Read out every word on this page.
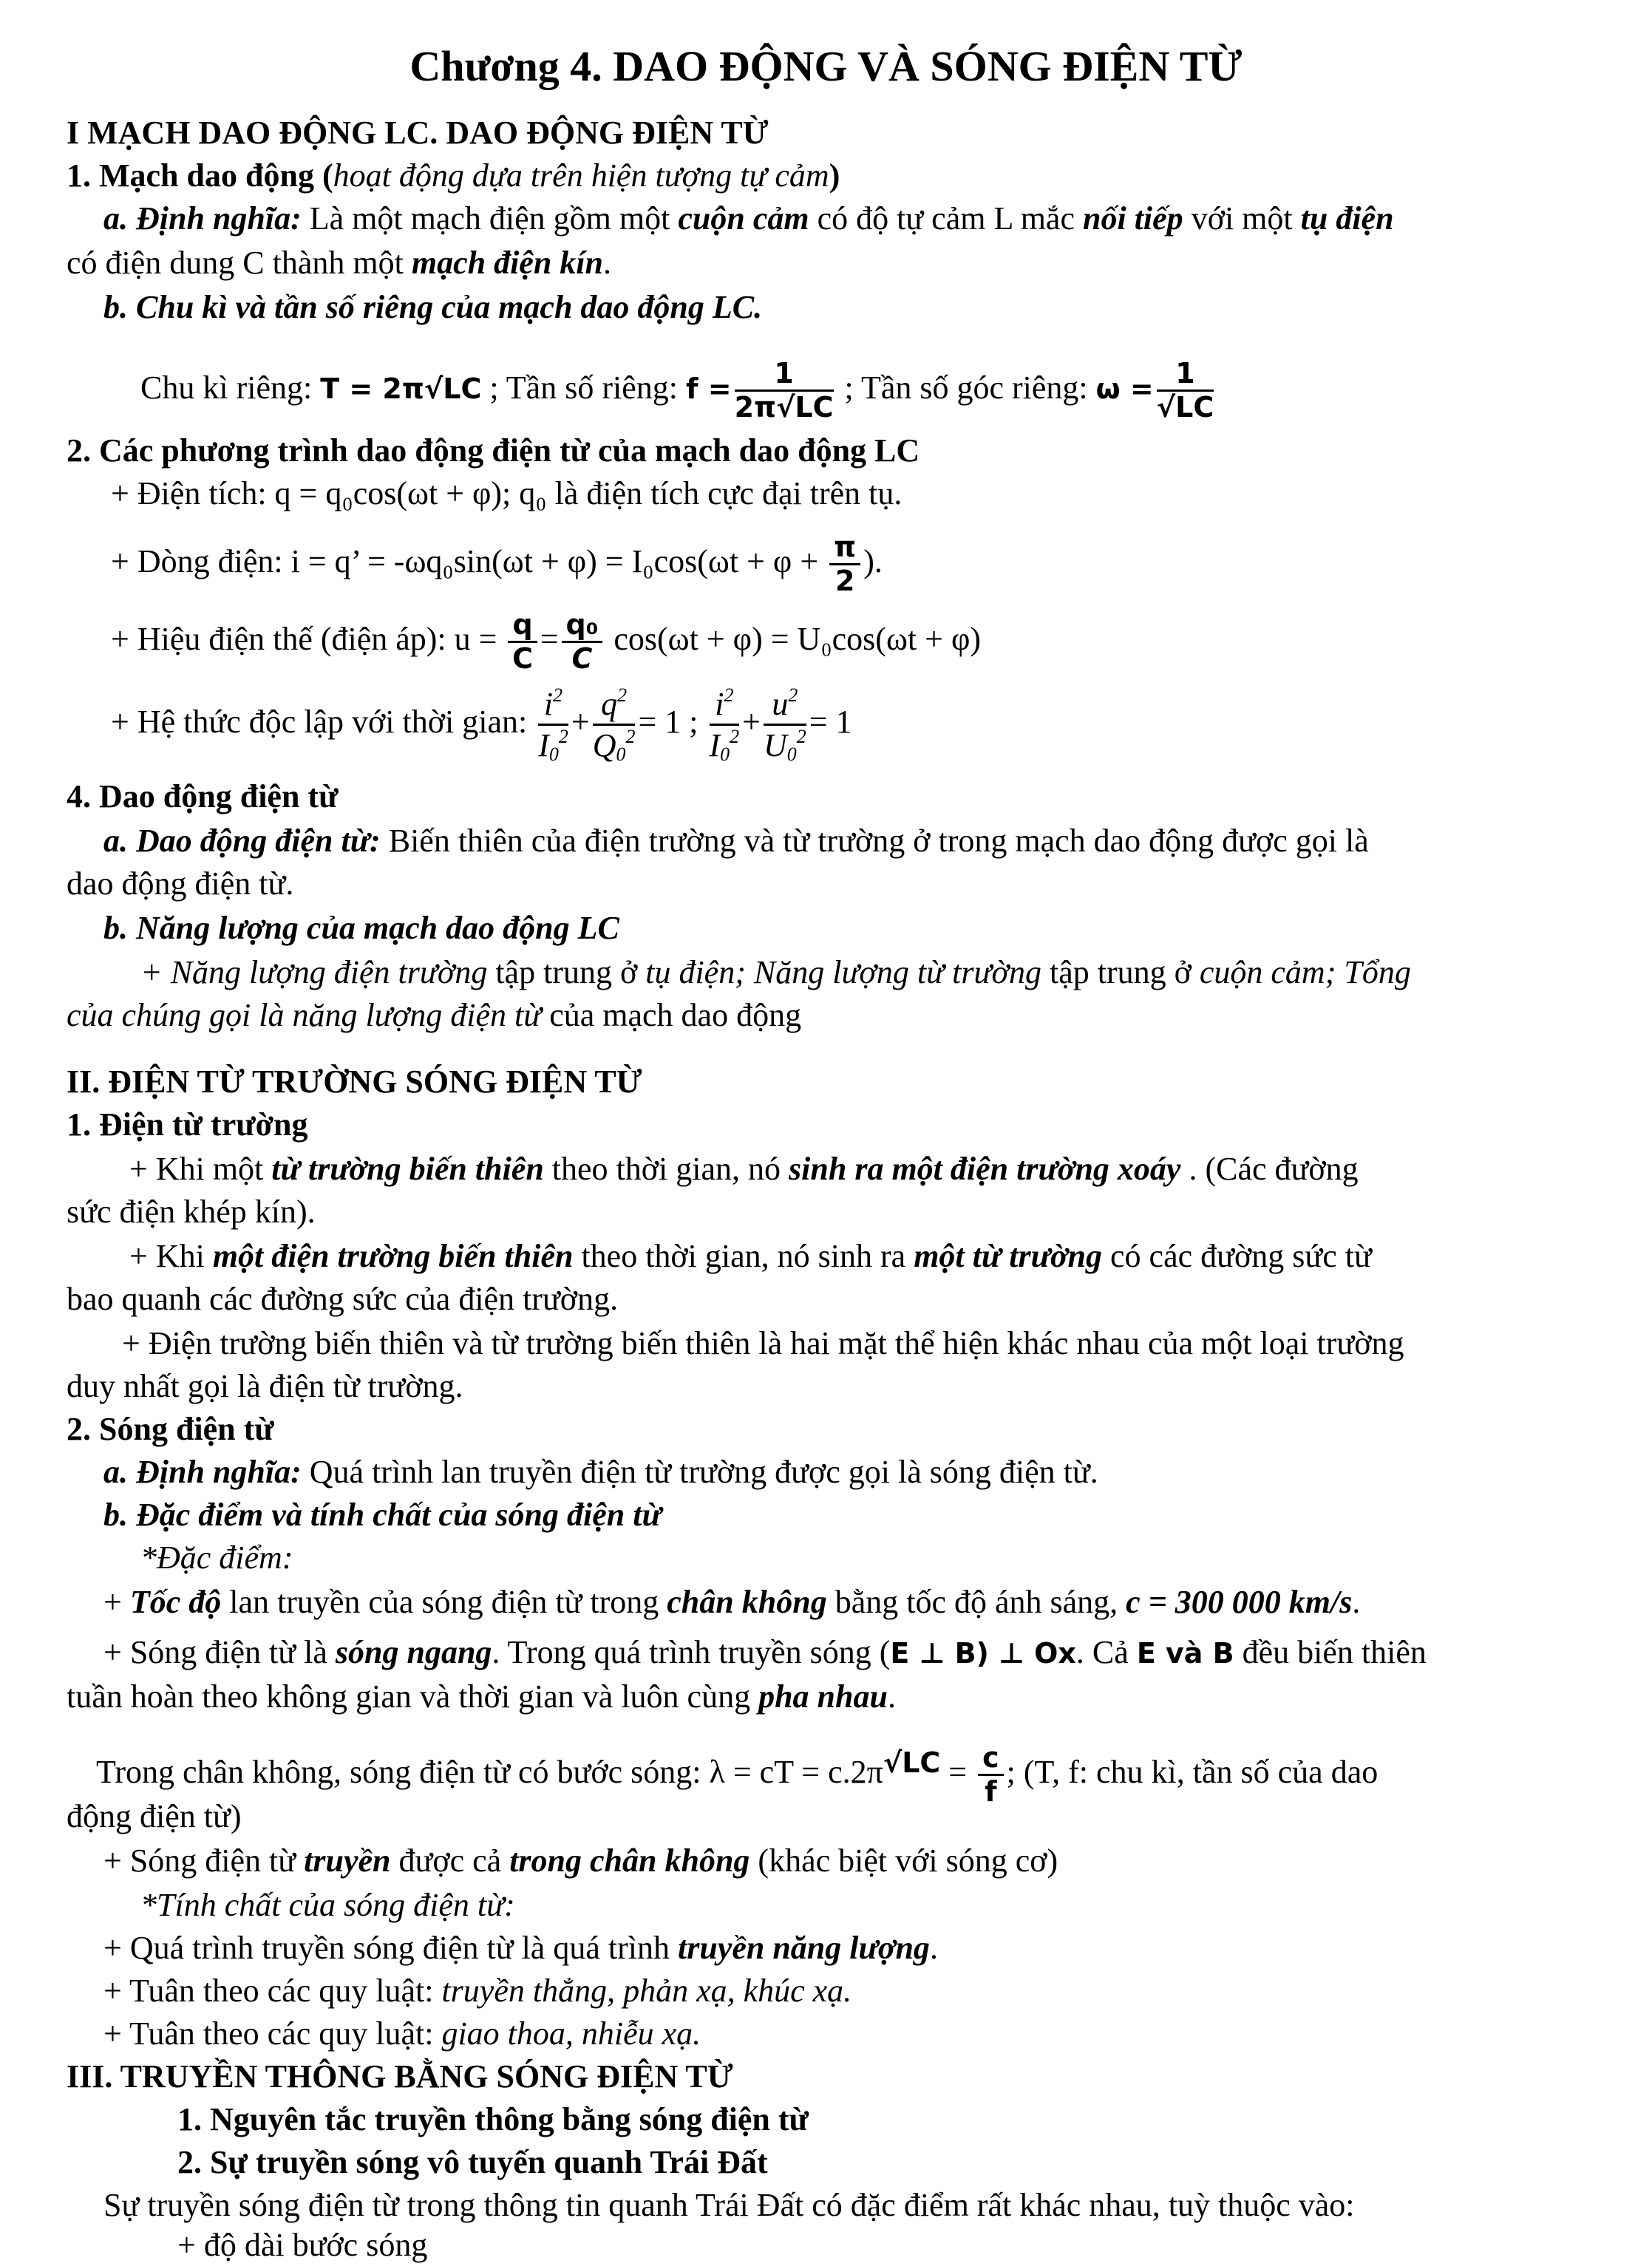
Chương 4. DAO ĐỘNG VÀ SÓNG ĐIỆN TỪ
I MẠCH DAO ĐỘNG LC. DAO ĐỘNG ĐIỆN TỪ
1. Mạch dao động (hoạt động dựa trên hiện tượng tự cảm)
a. Định nghĩa: Là một mạch điện gồm một cuộn cảm có độ tự cảm L mắc nối tiếp với một tụ điện
có điện dung C thành một mạch điện kín.
b. Chu kì và tần số riêng của mạch dao động LC.
Chu kì riêng: T = 2π√LC ; Tần số riêng: $f = \frac{1}{2\pi√LC}$ ; Tần số góc riêng: $\omega = \frac{1}{√LC}$
2. Các phương trình dao động điện từ của mạch dao động LC
+ Điện tích: q = q₀cos(ωt + φ); q₀ là điện tích cực đại trên tụ.
+ Dòng điện: i = q’ = $-\omega q_0\sin(\omega t + \varphi) = I_0\cos(\omega t + \varphi + \frac{\pi}{2}$ ).
+ Hiệu điện thế (điện áp): $u = \frac{q}{C} = \frac{\text{q₀}}{C} \cos(\omega t + \varphi) = U_0\cos(\omega t + \varphi)$
+ Hệ thức độc lập với thời gian: $\frac{i^2}{I_0^2} + \frac{q^2}{Q_0^2} = 1$ ; $\frac{i^2}{I_0^2} + \frac{u^2}{U_0^2} = 1$
4. Dao động điện từ
a. Dao động điện từ: Biến thiên của điện trường và từ trường ở trong mạch dao động được gọi là
dao động điện từ.
b. Năng lượng của mạch dao động LC
+ Năng lượng điện trường tập trung ở tụ điện; Năng lượng từ trường tập trung ở cuộn cảm; Tổng
của chúng gọi là năng lượng điện từ của mạch dao động
II. ĐIỆN TỪ TRƯỜNG SÓNG ĐIỆN TỪ
1. Điện từ trường
+ Khi một từ trường biến thiên theo thời gian, nó sinh ra một điện trường xoáy . (Các đường
sức điện khép kín).
+ Khi một điện trường biến thiên theo thời gian, nó sinh ra một từ trường có các đường sức từ
bao quanh các đường sức của điện trường.
+ Điện trường biến thiên và từ trường biến thiên là hai mặt thể hiện khác nhau của một loại trường
duy nhất gọi là điện từ trường.
2. Sóng điện từ
a. Định nghĩa: Quá trình lan truyền điện từ trường được gọi là sóng điện từ.
b. Đặc điểm và tính chất của sóng điện từ
*Đặc điểm:
+ Tốc độ lan truyền của sóng điện từ trong chân không bằng tốc độ ánh sáng, c = 300 000 km/s.
+ Sóng điện từ là sóng ngang. Trong quá trình truyền sóng (E ⊥ B) ⊥ Ox. Cả E và B đều biến thiên
tuần hoàn theo không gian và thời gian và luôn cùng pha nhau.
Trong chân không, sóng điện từ có bước sóng: λ = cT = $c.2\pi√LC = \frac{c}{f}$ ; (T, f: chu kì, tần số của dao
động điện từ)
+ Sóng điện từ truyền được cả trong chân không (khác biệt với sóng cơ)
*Tính chất của sóng điện từ:
+ Quá trình truyền sóng điện từ là quá trình truyền năng lượng.
+ Tuân theo các quy luật: truyền thẳng, phản xạ, khúc xạ.
+ Tuân theo các quy luật: giao thoa, nhiễu xạ.
III. TRUYỀN THÔNG BẰNG SÓNG ĐIỆN TỪ
1. Nguyên tắc truyền thông bằng sóng điện từ
2. Sự truyền sóng vô tuyến quanh Trái Đất
Sự truyền sóng điện từ trong thông tin quanh Trái Đất có đặc điểm rất khác nhau, tuỳ thuộc vào:
+ độ dài bước sóng
